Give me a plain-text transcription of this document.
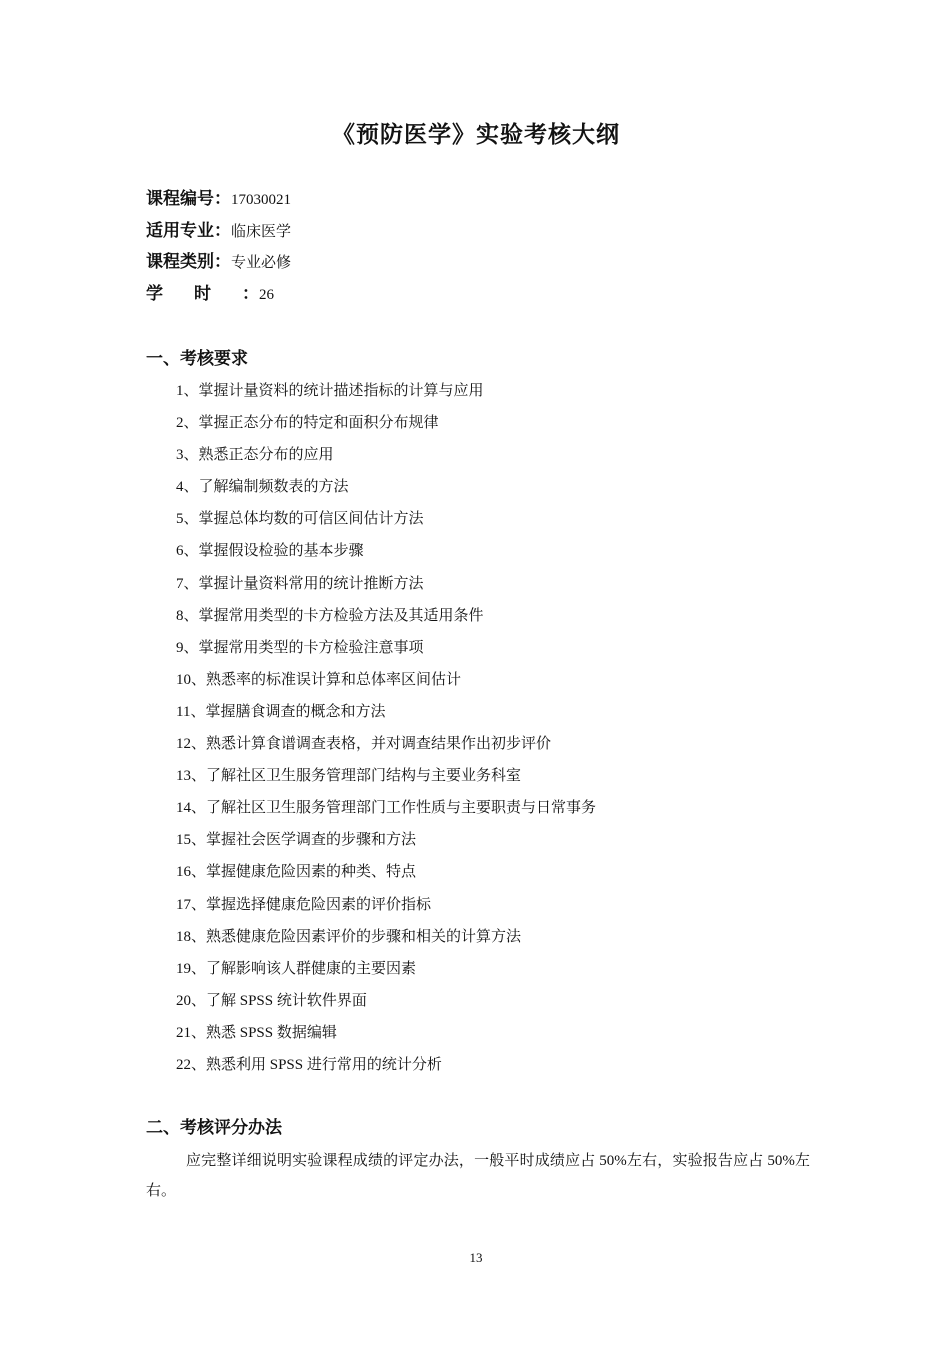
《预防医学》实验考核大纲
课程编号：17030021
适用专业：临床医学
课程类别：专业必修
学时：26
一、考核要求
1、掌握计量资料的统计描述指标的计算与应用
2、掌握正态分布的特定和面积分布规律
3、熟悉正态分布的应用
4、了解编制频数表的方法
5、掌握总体均数的可信区间估计方法
6、掌握假设检验的基本步骤
7、掌握计量资料常用的统计推断方法
8、掌握常用类型的卡方检验方法及其适用条件
9、掌握常用类型的卡方检验注意事项
10、熟悉率的标准误计算和总体率区间估计
11、掌握膳食调查的概念和方法
12、熟悉计算食谱调查表格，并对调查结果作出初步评价
13、了解社区卫生服务管理部门结构与主要业务科室
14、了解社区卫生服务管理部门工作性质与主要职责与日常事务
15、掌握社会医学调查的步骤和方法
16、掌握健康危险因素的种类、特点
17、掌握选择健康危险因素的评价指标
18、熟悉健康危险因素评价的步骤和相关的计算方法
19、了解影响该人群健康的主要因素
20、了解 SPSS 统计软件界面
21、熟悉 SPSS 数据编辑
22、熟悉利用 SPSS 进行常用的统计分析
二、考核评分办法

应完整详细说明实验课程成绩的评定办法，一般平时成绩应占 50%左右，实验报告应占 50%左右。

13
